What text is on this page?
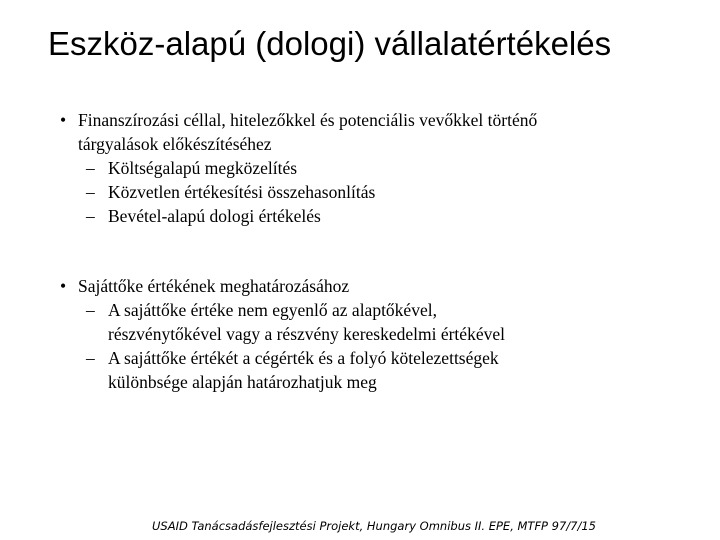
Eszköz-alapú (dologi) vállalatértékelés
• Finanszírozási céllal, hitelezőkkel és potenciális vevőkkel történő
tárgyalások előkészítéséhez
– Költségalapú megközelítés
– Közvetlen értékesítési összehasonlítás
– Bevétel-alapú dologi értékelés
• Sajáttőke értékének meghatározásához
– A sajáttőke értéke nem egyenlő az alaptőkével,
részvénytőkével vagy a részvény kereskedelmi értékével
– A sajáttőke értékét a cégérték és a folyó kötelezettségek
különbsége alapján határozhatjuk meg
USAID Tanácsadásfejlesztési Projekt, Hungary Omnibus II. EPE, MTFP 97/7/15
